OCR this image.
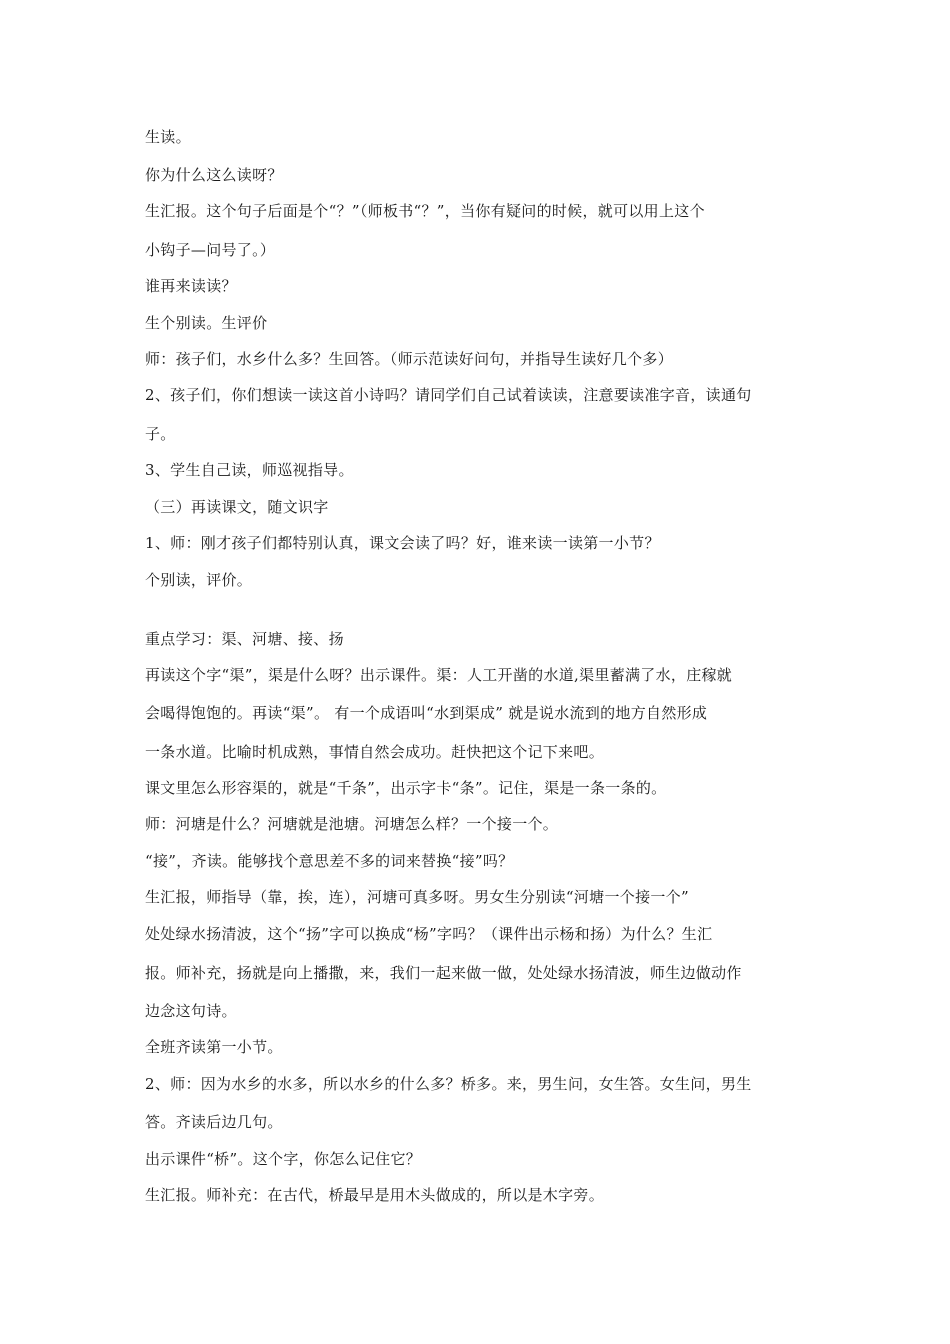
生读。
你为什么这么读呀？
生汇报。这个句子后面是个“？”（师板书“？”，当你有疑问的时候，就可以用上这个
小钩子—问号了。）
谁再来读读？
生个别读。生评价
师：孩子们，水乡什么多？生回答。（师示范读好问句，并指导生读好几个多）
2、孩子们，你们想读一读这首小诗吗？请同学们自己试着读读，注意要读准字音，读通句
子。
3、学生自己读，师巡视指导。
（三）再读课文，随文识字
1、师：刚才孩子们都特别认真，课文会读了吗？好，谁来读一读第一小节？
个别读，评价。
重点学习：渠、河塘、接、扬
再读这个字“渠”，渠是什么呀？出示课件。渠：人工开凿的水道,渠里蓄满了水，庄稼就
会喝得饱饱的。再读“渠”。 有一个成语叫“水到渠成” 就是说水流到的地方自然形成
一条水道。比喻时机成熟，事情自然会成功。赶快把这个记下来吧。
课文里怎么形容渠的，就是“千条”，出示字卡“条”。记住，渠是一条一条的。
师：河塘是什么？河塘就是池塘。河塘怎么样？一个接一个。
“接”，齐读。能够找个意思差不多的词来替换“接”吗？
生汇报，师指导（靠，挨，连），河塘可真多呀。男女生分别读“河塘一个接一个”
处处绿水扬清波，这个“扬”字可以换成“杨”字吗？（课件出示杨和扬）为什么？生汇
报。师补充，扬就是向上播撒，来，我们一起来做一做，处处绿水扬清波，师生边做动作
边念这句诗。
全班齐读第一小节。
2、师：因为水乡的水多，所以水乡的什么多？桥多。来，男生问，女生答。女生问，男生
答。齐读后边几句。
出示课件“桥”。这个字，你怎么记住它？
生汇报。师补充：在古代，桥最早是用木头做成的，所以是木字旁。
